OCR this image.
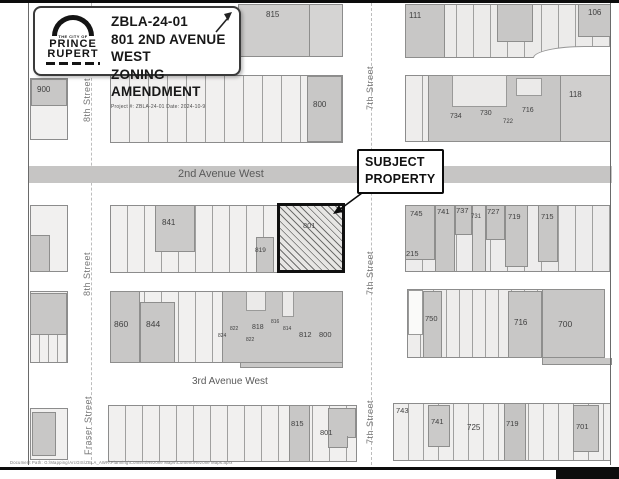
815	111	106
900
800
734	730
722
716
118
841
819
801
745 741 737
731
727
719	715
215
860 844	822
824
818
822
816
814
812 800
750	716	700
815
801
743
741
725	719	701
2nd Avenue West
3rd Avenue West
8th Street
8th Street
Fraser Street
7th Street
7th Street
7th Street
THE CITY OF
PRINCE
RUPERT
ZBLA-24-01
801 2ND AVENUE WEST
ZONING AMENDMENT
Project #: ZBLA-24-01 Date: 2024-10-9
SUBJECT
PROPERTY
Document Path: G:\Mapping\ArcGIS\ZBLA_AWR\Planning\Content\Rezone Maps\Content\Rezone Maps.aprx
